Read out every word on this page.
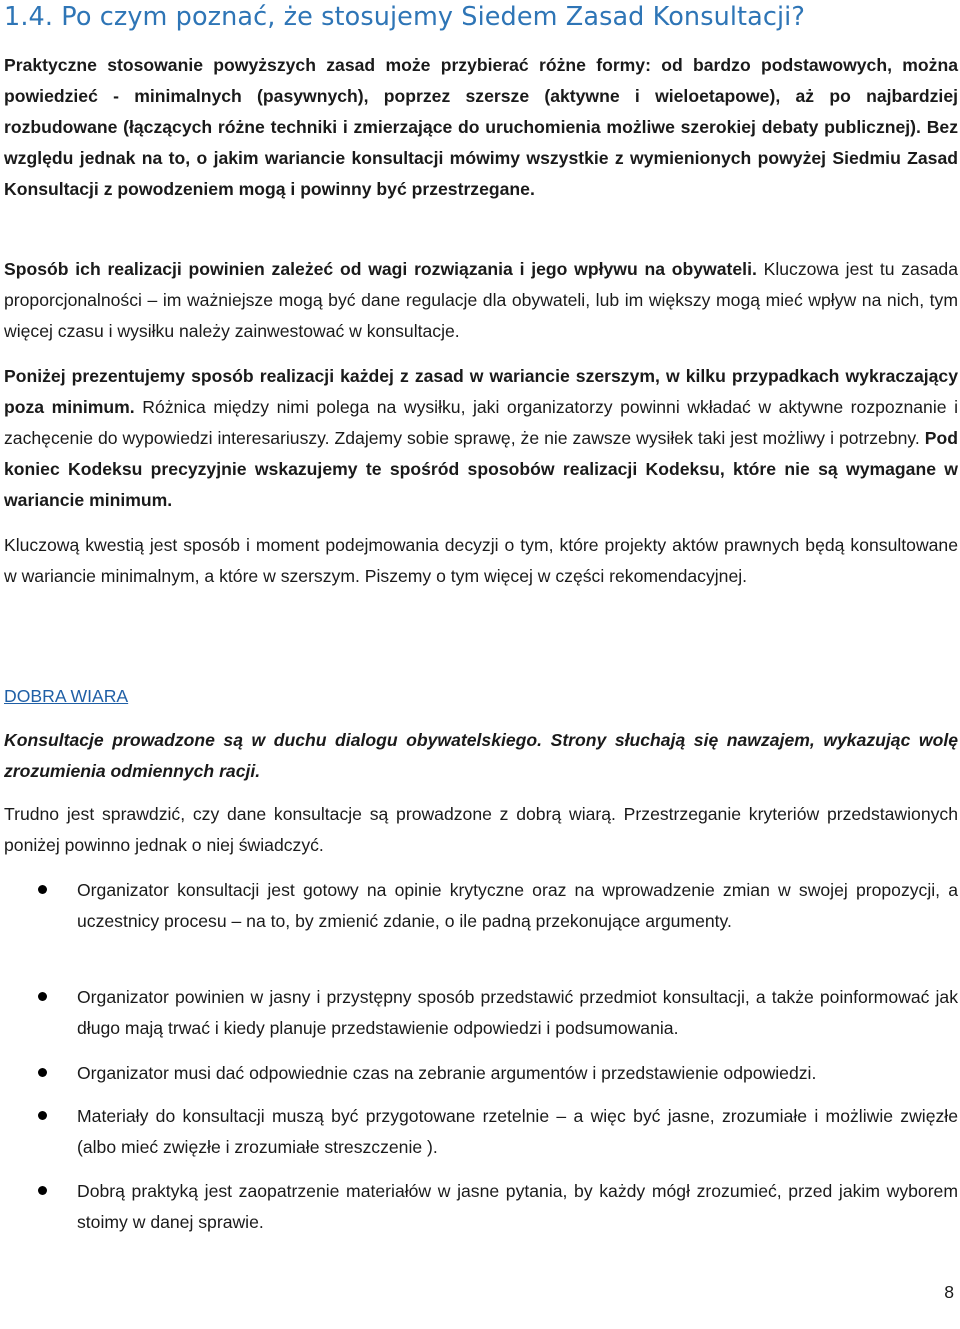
1.4. Po czym poznać, że stosujemy Siedem Zasad Konsultacji?

Praktyczne stosowanie powyższych zasad może przybierać różne formy: od bardzo podstawowych, można powiedzieć - minimalnych (pasywnych), poprzez szersze (aktywne i wieloetapowe), aż po najbardziej rozbudowane (łączących różne techniki i zmierzające do uruchomienia możliwe szerokiej debaty publicznej). Bez względu jednak na to, o jakim wariancie konsultacji mówimy wszystkie z wymienionych powyżej Siedmiu Zasad Konsultacji z powodzeniem mogą i powinny być przestrzegane.

Sposób ich realizacji powinien zależeć od wagi rozwiązania i jego wpływu na obywateli. Kluczowa jest tu zasada proporcjonalności – im ważniejsze mogą być dane regulacje dla obywateli, lub im większy mogą mieć wpływ na nich, tym więcej czasu i wysiłku należy zainwestować w konsultacje.

Poniżej prezentujemy sposób realizacji każdej z zasad w wariancie szerszym, w kilku przypadkach wykraczający poza minimum. Różnica między nimi polega na wysiłku, jaki organizatorzy powinni wkładać w aktywne rozpoznanie i zachęcenie do wypowiedzi interesariuszy. Zdajemy sobie sprawę, że nie zawsze wysiłek taki jest możliwy i potrzebny. Pod koniec Kodeksu precyzyjnie wskazujemy te spośród sposobów realizacji Kodeksu, które nie są wymagane w wariancie minimum.

Kluczową kwestią jest sposób i moment podejmowania decyzji o tym, które projekty aktów prawnych będą konsultowane w wariancie minimalnym, a które w szerszym. Piszemy o tym więcej w części rekomendacyjnej.

DOBRA WIARA

Konsultacje prowadzone są w duchu dialogu obywatelskiego. Strony słuchają się nawzajem, wykazując wolę zrozumienia odmiennych racji.

Trudno jest sprawdzić, czy dane konsultacje są prowadzone z dobrą wiarą. Przestrzeganie kryteriów przedstawionych poniżej powinno jednak o niej świadczyć.

Organizator konsultacji jest gotowy na opinie krytyczne oraz na wprowadzenie zmian w swojej propozycji, a uczestnicy procesu – na to, by zmienić zdanie, o ile padną przekonujące argumenty.

Organizator powinien w jasny i przystępny sposób przedstawić przedmiot konsultacji, a także poinformować jak długo mają trwać i kiedy planuje przedstawienie odpowiedzi i podsumowania.

Organizator musi dać odpowiednie czas na zebranie argumentów i przedstawienie odpowiedzi.

Materiały do konsultacji muszą być przygotowane rzetelnie – a więc być jasne, zrozumiałe i możliwie zwięzłe (albo mieć zwięzłe i zrozumiałe streszczenie ).

Dobrą praktyką jest zaopatrzenie materiałów w jasne pytania, by każdy mógł zrozumieć, przed jakim wyborem stoimy w danej sprawie.

8
